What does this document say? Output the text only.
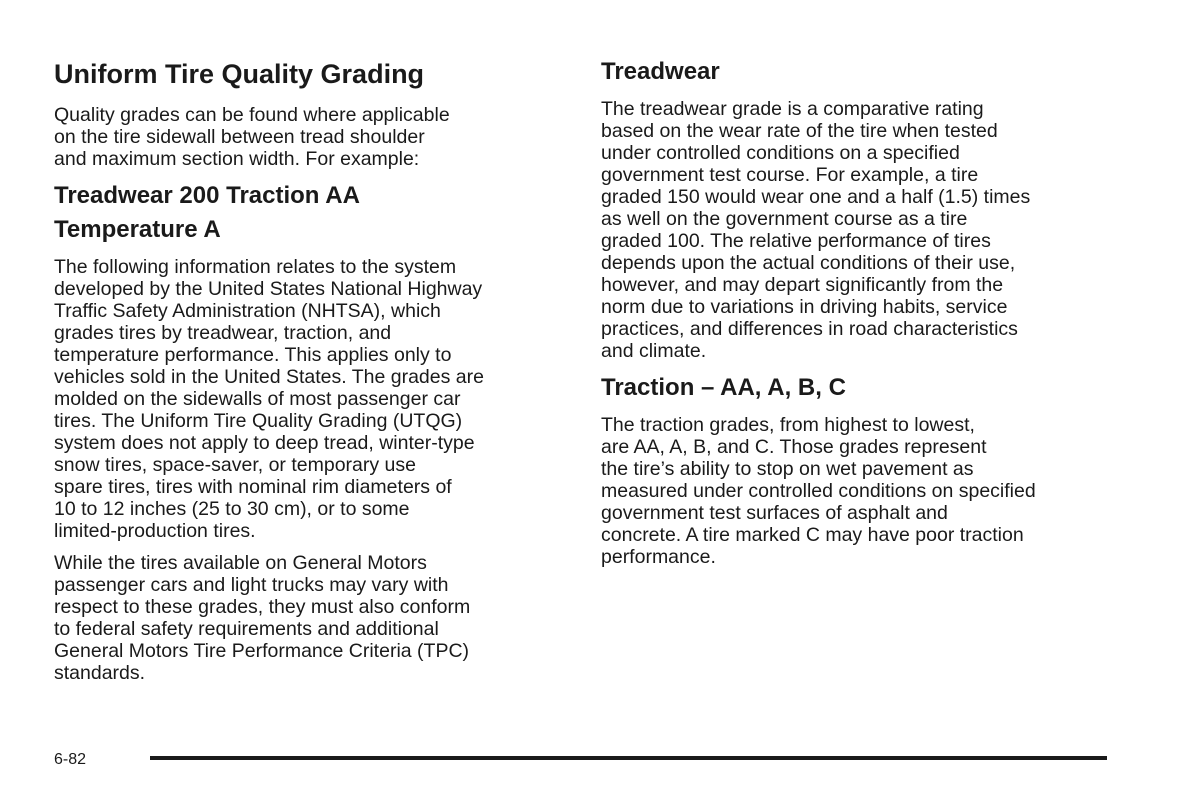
Uniform Tire Quality Grading

Quality grades can be found where applicable
on the tire sidewall between tread shoulder
and maximum section width. For example:

Treadwear 200 Traction AA
Temperature A

The following information relates to the system
developed by the United States National Highway
Traffic Safety Administration (NHTSA), which
grades tires by treadwear, traction, and
temperature performance. This applies only to
vehicles sold in the United States. The grades are
molded on the sidewalls of most passenger car
tires. The Uniform Tire Quality Grading (UTQG)
system does not apply to deep tread, winter-type
snow tires, space-saver, or temporary use
spare tires, tires with nominal rim diameters of
10 to 12 inches (25 to 30 cm), or to some
limited-production tires.

While the tires available on General Motors
passenger cars and light trucks may vary with
respect to these grades, they must also conform
to federal safety requirements and additional
General Motors Tire Performance Criteria (TPC)
standards.

Treadwear

The treadwear grade is a comparative rating
based on the wear rate of the tire when tested
under controlled conditions on a specified
government test course. For example, a tire
graded 150 would wear one and a half (1.5) times
as well on the government course as a tire
graded 100. The relative performance of tires
depends upon the actual conditions of their use,
however, and may depart significantly from the
norm due to variations in driving habits, service
practices, and differences in road characteristics
and climate.

Traction – AA, A, B, C

The traction grades, from highest to lowest,
are AA, A, B, and C. Those grades represent
the tire’s ability to stop on wet pavement as
measured under controlled conditions on specified
government test surfaces of asphalt and
concrete. A tire marked C may have poor traction
performance.

6-82
